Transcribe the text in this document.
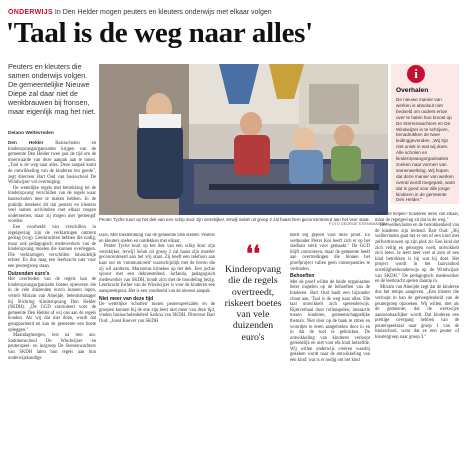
ONDERWIJS In Den Helder mogen peuters en kleuters onderwijs met elkaar volgen
'Taal is de weg naar alles'
Peuters en kleuters die samen onderwijs volgen. De gemeentelijke Nieuwe Diepe zal daar niet de wenkbrauwen bij fronsen, maar eigenlijk mag het niet.
Delano Weltevreden
Peuter Tyche tuurt op het dek van een schip door zijn verrekijker, terwijl Selah uit groep 2 zal haast hem geconcentreerd aan het veer staat.
FOTO GEORGE STIENSMAVERA
i
Overhalen

De nieuwe manier van werken is absoluut niet bedoeld om ouders ertoe over te halen hun kroost op De Sterrenwachters en De Windwijzer in te schrijven, benadrukken de twee leidinggevenden. „Wij zijn niet uniek in wat wij doen. Alle scholen en kinderopvangorganisaties zoeken naar vormen van samenwerking. Wij hopen dat deze manier van werken overal wordt toegepast, want dat is goed voor alle jonge kinderen in de gemeente Den Helder."

Den Helder	Basisscholen en kinderopvangorganisaties krijgen van de gemeente Den Helder twee jaar de tijd om de moerwaarde van deze aanpak aan te tonen. „Taal is de weg naar alles. Deze aanpak komt de ontwikkeling van de kinderen ten goede", zegt directeur Bart Oud van basisschool De Windwijzer vol overtuiging.

De wettelijke regels met betrekking tot de kinderopvang verschillen van de regels waar basisscholen mee te maken hebben. In de praktijk betekent dit dat peuters en kleuters veel samen activiteiten met elkaar mogen ondernemen, maar zij mogen niet 'gemengd' worden.

Een voorbeeld van verschillen in regelgeving zijn de verklaringen omtrent gedrag (vog). Leerkrachten hebben die nodig, maar ook pedagogisch medewerkers van de kinderopvang moeten die kunnen overleggen. Die verklaringen verschillen inhoudelijk echter. En dus mag een leerkracht niet voor een peutergroep staan.

Duizenden euro's

Het overtreden van de regels kan de kinderopvangorganisatie boetes opleveren die in de vele duizenden euro's kunnen lopen, vertelt Miriam van Ameijde, beleidsmanager bij Stichting Kinderopvang Den Helder (SKDH). „De GGD controleert voor de gemeente Den Helder of wij ons aan de regels houden. Als wij dat niet doen, wordt dat gerapporteerd en kan de gemeente een boete opleggen."

Maandagmorgen, iets na tien uur. Sarkmenschool De Windwijzer en peuterspeel- en lozgroep De Stersenwachters van SKDH laten hun regels aan hun onderwijskundige

lzars. Met toestemming van de gemeente Den Helder. Peuters en kleuters spelen en ontdekken met elkaar.

Peuter Tyche tuurt op het dek van een schip door zijn verrekijker, terwijl Selah uit groep 2 zal haast zijn moeder geconcentreerd aan het vrij staat. Zij heeft een telefoon aan haar oor en 'communiceert' waarschijnlijk met de boven die zij wil aanleren. Marzoeias krinekes op het dek. Een jochie sjouwt met een dekroestelbed. Jarfanda, pedagogisch medewerker van SKDH, houdt zich met de mondeling bezig. Leerkracht Esther van de Windwijzer is voor de kinderen een aanspreekpunt. Het is een voorbeeld van de nieuwe aanpak.

Niet meer van deze tijd

De wettelijke 'schotten' tussen peuterspeelzalen en de groepen kunnen bij de ene zijn leert niet meer van deze tijd, vinden basisscholenbeleid Sarkna van SKDH. Directeur Bart Oud: „Joost Koever van SKDH

❛❛
Kinderopvang die de regels overtreedt, riskeert boetes van vele duizenden euro's

heeft erg gepleit voor deze proef. En wethouder Pieter Kos heeft zich er op het stadhuis sterk voor gemaakt." De GGD blijft controleren, maar de gemeente heeft aan overtredingen die binnen het proefproject vallen geen consequenties te verbinden.

Behoeften

Met de proef willen de beide organisaties beter inspelen op de behoeften van de kinderen. Bart Oud haalt een bijzonder citaat aan, 'Taal is de weg naar alles. Die taal ontwikkelt zich spelenderwijs. Rijmverhaal door rollenspelen, interactie tussen kinderen, gemeenschappelijke thema's. Niet door op de bank te zitten en woordjes te leren aangeboden door in en in dat de tool te gebruiken. De ontwikkeling van kinderen verloopt geleidelijk en niet voor elk kind hetzelfde. Wij willen onderwijs creëren waarbij gekeken wordt naar de ontwikkeling van een kind: wat is er nodig om het kind

verder te helpen? Kinderen leren van elkaar, maar de regelgeving zit dat in de weg."

Het welbevinden en de betrokkenheid van de kinderen zijn leidend. Bart Oud: „Bij welbevinden gaat het er om of een kind met zelfvertrouwen op zijn plek zit. Een kind dat zich veilig en geborgen voelt, ontwikkelt zich beter. Je leert heel veel al zien of een kind betrokken is bij wat hij doet. Het project wordt in het Jaarvanbod onveiligheidsonderwijs op de Windwijzer van SKDH." De pedagogisch medewerker en de leerkracht spelen daarop in.

Miriam van Ameijde zegt dat de kinderen dus het tempo aangeven. „Een kleuter die verloopt in kan de gehoegdenheid van de peutergroep opzoeken. Wij willen, met als de gemeente, dat de werkwijze aantoonbaarlijker wordt. Dat kinderen een prettige overgang hebben van de peuterspeelzaal naar groep 1 van de basisschool, want dat ze een peuter of kleutergroep naar groep 3."
